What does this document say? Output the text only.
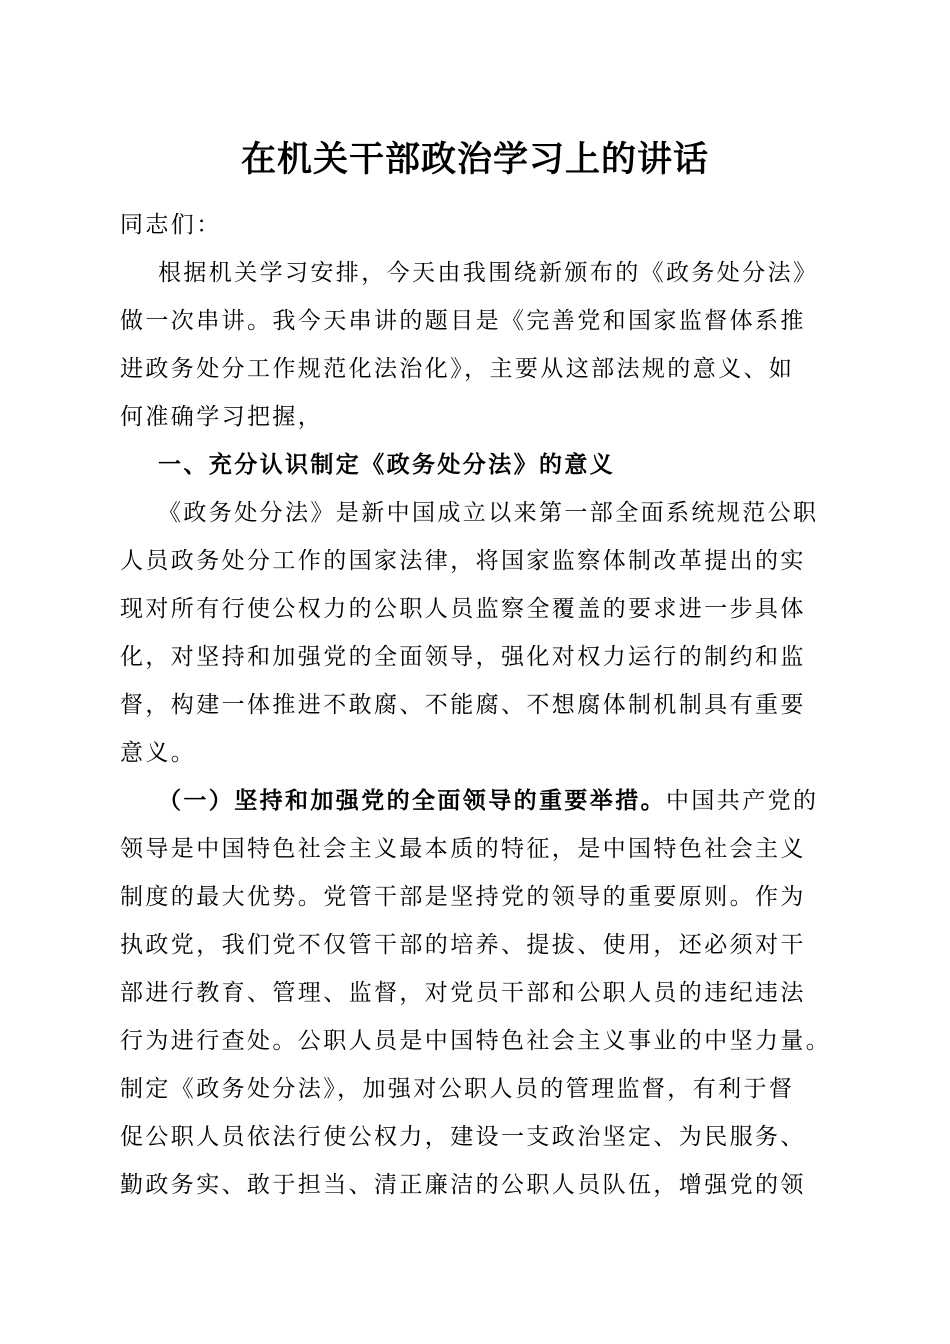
在机关干部政治学习上的讲话
同志们：
根据机关学习安排，今天由我围绕新颁布的《政务处分法》
做一次串讲。我今天串讲的题目是《完善党和国家监督体系推
进政务处分工作规范化法治化》，主要从这部法规的意义、如
何准确学习把握，
一、充分认识制定《政务处分法》的意义
《政务处分法》是新中国成立以来第一部全面系统规范公职
人员政务处分工作的国家法律，将国家监察体制改革提出的实
现对所有行使公权力的公职人员监察全覆盖的要求进一步具体
化，对坚持和加强党的全面领导，强化对权力运行的制约和监
督，构建一体推进不敢腐、不能腐、不想腐体制机制具有重要
意义。
（一）坚持和加强党的全面领导的重要举措。中国共产党的
领导是中国特色社会主义最本质的特征，是中国特色社会主义
制度的最大优势。党管干部是坚持党的领导的重要原则。作为
执政党，我们党不仅管干部的培养、提拔、使用，还必须对干
部进行教育、管理、监督，对党员干部和公职人员的违纪违法
行为进行查处。公职人员是中国特色社会主义事业的中坚力量。
制定《政务处分法》，加强对公职人员的管理监督，有利于督
促公职人员依法行使公权力，建设一支政治坚定、为民服务、
勤政务实、敢于担当、清正廉洁的公职人员队伍，增强党的领
